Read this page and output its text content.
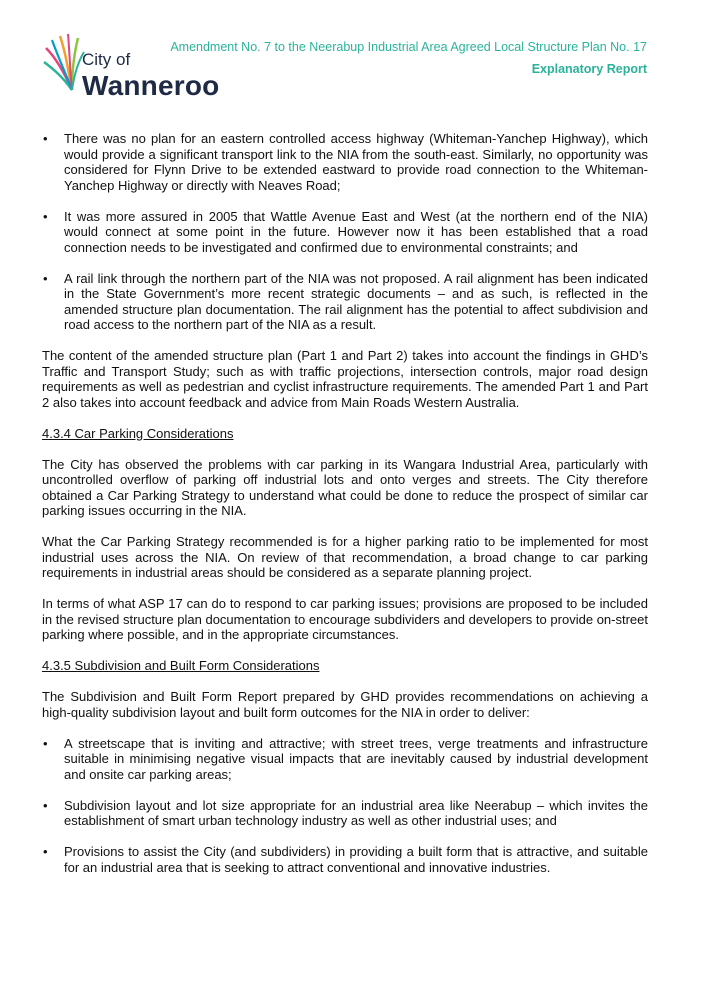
City of
Wanneroo
Amendment No. 7 to the Neerabup Industrial Area Agreed Local Structure Plan No. 17
Explanatory Report
• There was no plan for an eastern controlled access highway (Whiteman-Yanchep Highway), which would provide a significant transport link to the NIA from the south-east. Similarly, no opportunity was considered for Flynn Drive to be extended eastward to provide road connection to the Whiteman-Yanchep Highway or directly with Neaves Road;

• It was more assured in 2005 that Wattle Avenue East and West (at the northern end of the NIA) would connect at some point in the future. However now it has been established that a road connection needs to be investigated and confirmed due to environmental constraints; and

• A rail link through the northern part of the NIA was not proposed. A rail alignment has been indicated in the State Government’s more recent strategic documents – and as such, is reflected in the amended structure plan documentation. The rail alignment has the potential to affect subdivision and road access to the northern part of the NIA as a result.

The content of the amended structure plan (Part 1 and Part 2) takes into account the findings in GHD’s Traffic and Transport Study; such as with traffic projections, intersection controls, major road design requirements as well as pedestrian and cyclist infrastructure requirements. The amended Part 1 and Part 2 also takes into account feedback and advice from Main Roads Western Australia.

4.3.4 Car Parking Considerations

The City has observed the problems with car parking in its Wangara Industrial Area, particularly with uncontrolled overflow of parking off industrial lots and onto verges and streets. The City therefore obtained a Car Parking Strategy to understand what could be done to reduce the prospect of similar car parking issues occurring in the NIA.

What the Car Parking Strategy recommended is for a higher parking ratio to be implemented for most industrial uses across the NIA. On review of that recommendation, a broad change to car parking requirements in industrial areas should be considered as a separate planning project.

In terms of what ASP 17 can do to respond to car parking issues; provisions are proposed to be included in the revised structure plan documentation to encourage subdividers and developers to provide on-street parking where possible, and in the appropriate circumstances.

4.3.5 Subdivision and Built Form Considerations

The Subdivision and Built Form Report prepared by GHD provides recommendations on achieving a high-quality subdivision layout and built form outcomes for the NIA in order to deliver:

• A streetscape that is inviting and attractive; with street trees, verge treatments and infrastructure suitable in minimising negative visual impacts that are inevitably caused by industrial development and onsite car parking areas;

• Subdivision layout and lot size appropriate for an industrial area like Neerabup – which invites the establishment of smart urban technology industry as well as other industrial uses; and

• Provisions to assist the City (and subdividers) in providing a built form that is attractive, and suitable for an industrial area that is seeking to attract conventional and innovative industries.
